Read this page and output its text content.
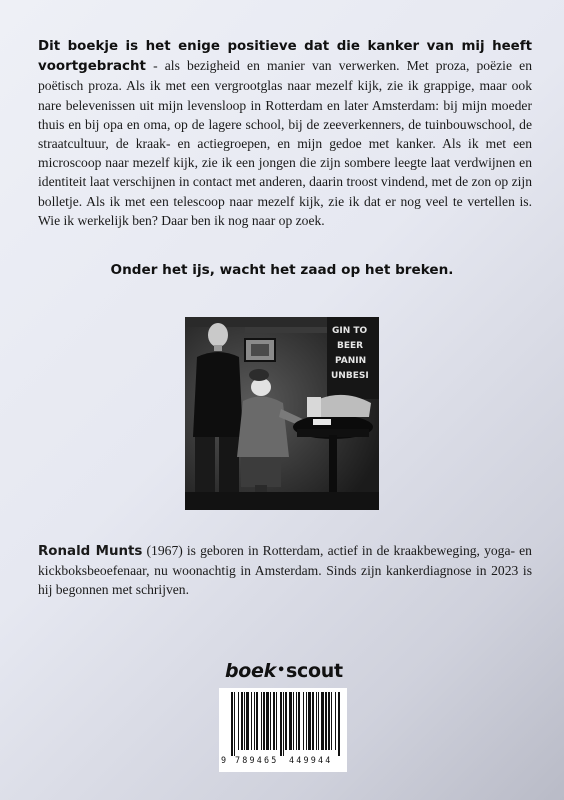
Dit boekje is het enige positieve dat die kanker van mij heeft voortgebracht - als bezigheid en manier van verwerken. Met proza, poëzie en poëtisch proza. Als ik met een vergrootglas naar mezelf kijk, zie ik grappige, maar ook nare belevenissen uit mijn levensloop in Rotterdam en later Amsterdam: bij mijn moeder thuis en bij opa en oma, op de lagere school, bij de zeeverkenners, de tuinbouwschool, de straatcultuur, de kraak- en actiegroepen, en mijn gedoe met kanker. Als ik met een microscoop naar mezelf kijk, zie ik een jongen die zijn sombere leegte laat verdwijnen en identiteit laat verschijnen in contact met anderen, daarin troost vindend, met de zon op zijn bolletje. Als ik met een telescoop naar mezelf kijk, zie ik dat er nog veel te vertellen is. Wie ik werkelijk ben? Daar ben ik nog naar op zoek.
Onder het ijs, wacht het zaad op het breken.
GIN TO
BEER
PANIN
UNBESI
Ronald Munts (1967) is geboren in Rotterdam, actief in de kraakbeweging, yoga- en kickboksbeoefenaar, nu woonachtig in Amsterdam. Sinds zijn kankerdiagnose in 2023 is hij begonnen met schrijven.
boek•scout
9 789465 449944
